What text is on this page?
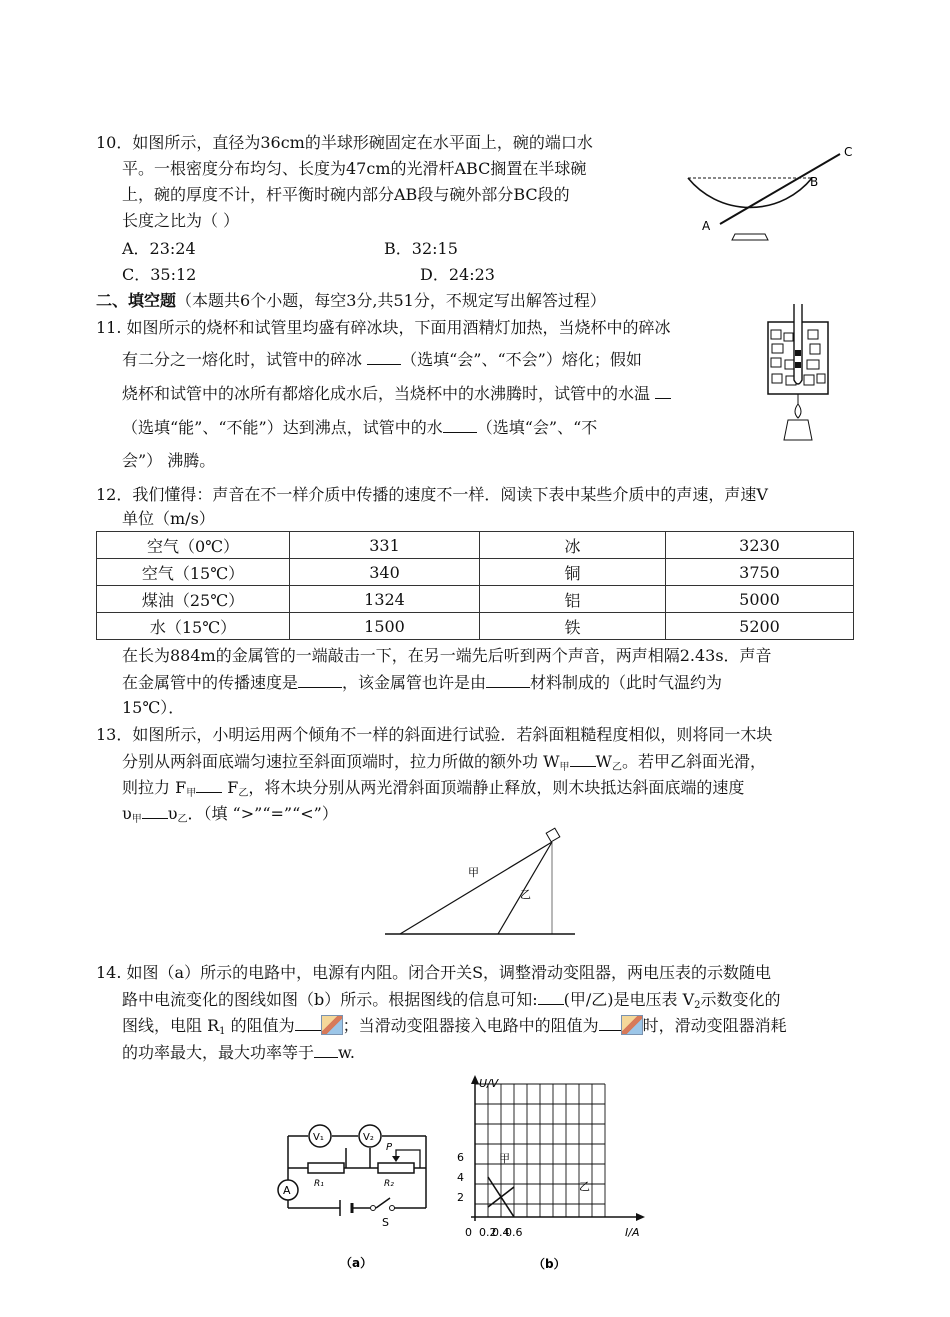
10．如图所示，直径为36cm的半球形碗固定在水平面上，碗的端口水
平。一根密度分布均匀、长度为47cm的光滑杆ABC搁置在半球碗
上，碗的厚度不计，杆平衡时碗内部分AB段与碗外部分BC段的
长度之比为（ ）
A．23:24	B．32:15
C．35:12	D．24:23
A
B
C
二、填空题（本题共6个小题，每空3分,共51分，不规定写出解答过程）
11. 如图所示的烧杯和试管里均盛有碎冰块，下面用酒精灯加热，当烧杯中的碎冰
有二分之一熔化时，试管中的碎冰 （选填“会”、“不会”）熔化；假如
烧杯和试管中的冰所有都熔化成水后，当烧杯中的水沸腾时，试管中的水温
（选填“能”、“不能”）达到沸点，试管中的水 （选填“会”、“不
会”） 沸腾。
12．我们懂得：声音在不一样介质中传播的速度不一样．阅读下表中某些介质中的声速，声速V
单位（m/s）
空气（0℃）	331	冰	3230
空气（15℃）	340	铜	3750
煤油（25℃）	1324	铝	5000
水（15℃）	1500	铁	5200
在长为884m的金属管的一端敲击一下，在另一端先后听到两个声音，两声相隔2.43s．声音
在金属管中的传播速度是	，该金属管也许是由	材料制成的（此时气温约为
15℃）．
13．如图所示，小明运用两个倾角不一样的斜面进行试验．若斜面粗糙程度相似，则将同一木块
分别从两斜面底端匀速拉至斜面顶端时，拉力所做的额外功 $W_甲$ $W_乙$。若甲乙斜面光滑，
则拉力 $F_甲$ $F_乙$，将木块分别从两光滑斜面顶端静止释放，则木块抵达斜面底端的速度
$\upsilon_甲$ $\upsilon_乙$．（填 “>”“=”“<”）
甲
乙
14. 如图（a）所示的电路中，电源有内阻。闭合开关S，调整滑动变阻器，两电压表的示数随电
路中电流变化的图线如图（b）所示。根据图线的信息可知: (甲/乙)是电压表 $V_2$示数变化的
图线，电阻 $R_1$ 的阻值为	；当滑动变阻器接入电路中的阻值为	时，滑动变阻器消耗
的功率最大，最大功率等于 w.
V₁	V₂
P
R₁	R₂
A
S
（a）
U/V
I/A
0
2
4
6
0.2
0.4
0.6
甲
乙
（b）
